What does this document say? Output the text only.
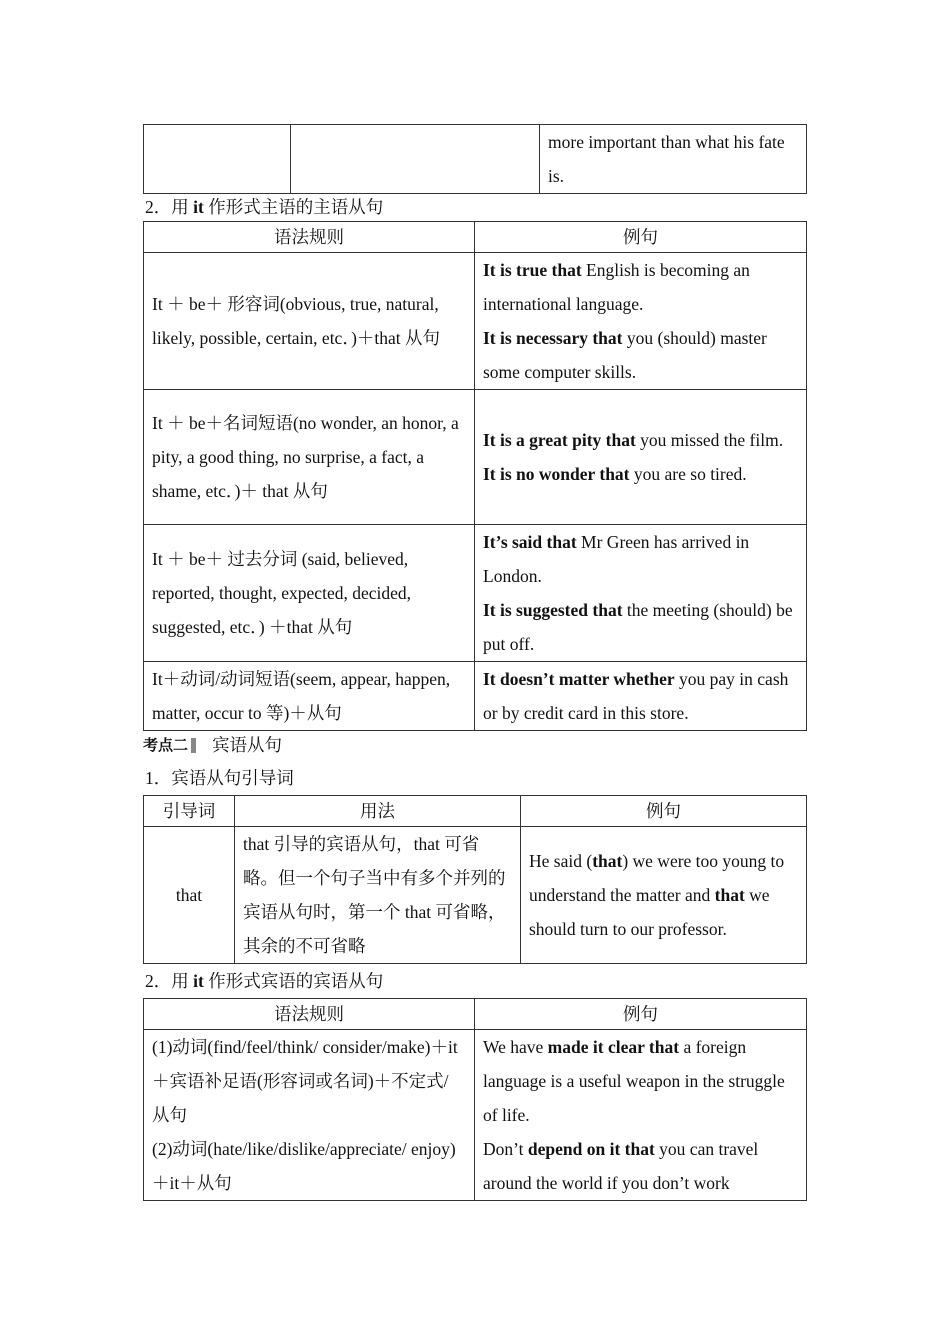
		more important than what his fate is.

2．用 it 作形式主语的主语从句

语法规则	例句
It ＋ be＋ 形容词(obvious, true, natural, likely, possible, certain, etc．)＋that 从句	It is true that English is becoming an international language.
It is necessary that you (should) master some computer skills.
It ＋ be＋名词短语(no wonder, an honor, a pity, a good thing, no surprise, a fact, a shame, etc．)＋ that 从句	It is a great pity that you missed the film.
It is no wonder that you are so tired.
It ＋ be＋ 过去分词 (said, believed, reported, thought, expected, decided, suggested, etc．) ＋that 从句	It’s said that Mr Green has arrived in London.
It is suggested that the meeting (should) be put off.
It＋动词/动词短语(seem, appear, happen, matter, occur to 等)＋从句	It doesn’t matter whether you pay in cash or by credit card in this store.
考点二 宾语从句

1．宾语从句引导词

引导词	用法	例句
that	that 引导的宾语从句，that 可省略。但一个句子当中有多个并列的宾语从句时，第一个 that 可省略，其余的不可省略	He said (that) we were too young to understand the matter and that we should turn to our professor.

2．用 it 作形式宾语的宾语从句

语法规则	例句
(1)动词(find/feel/think/ consider/make)＋it＋宾语补足语(形容词或名词)＋不定式/从句
(2)动词(hate/like/dislike/appreciate/ enjoy)＋it＋从句	We have made it clear that a foreign language is a useful weapon in the struggle of life.
Don’t depend on it that you can travel around the world if you don’t work
